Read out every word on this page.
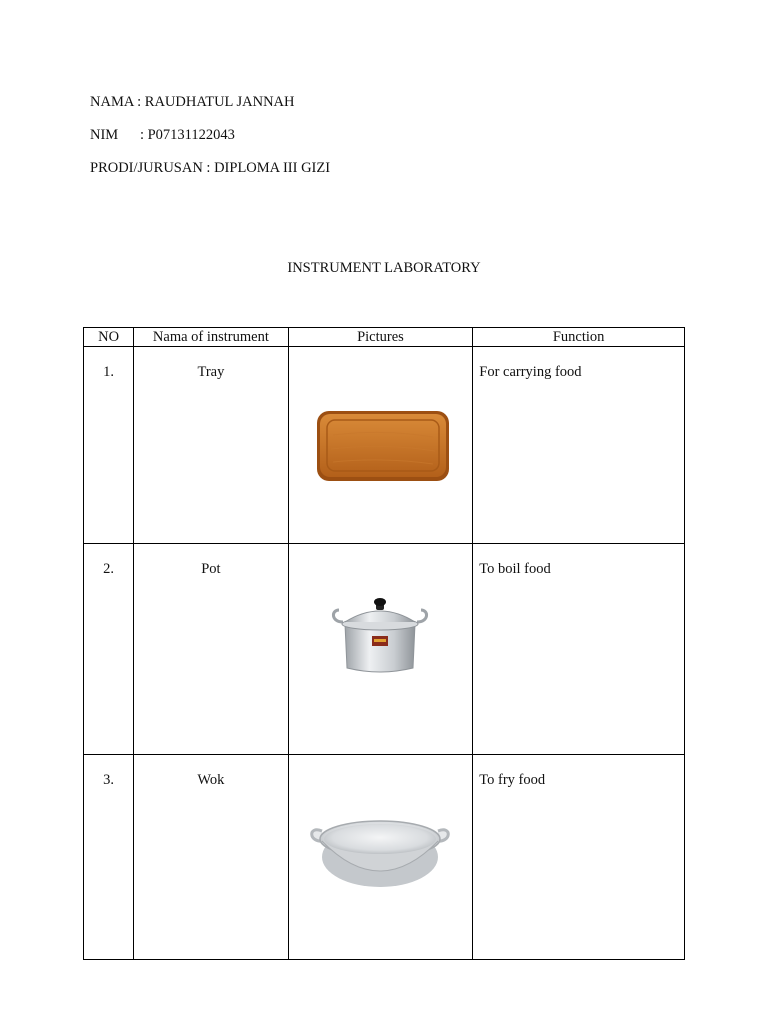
NAMA : RAUDHATUL JANNAH

NIM      : P07131122043

PRODI/JURUSAN : DIPLOMA III GIZI

INSTRUMENT LABORATORY

NO	Nama of instrument	Pictures	Function
1.	Tray		For carrying food
2.	Pot		To boil food
3.	Wok		To fry food
